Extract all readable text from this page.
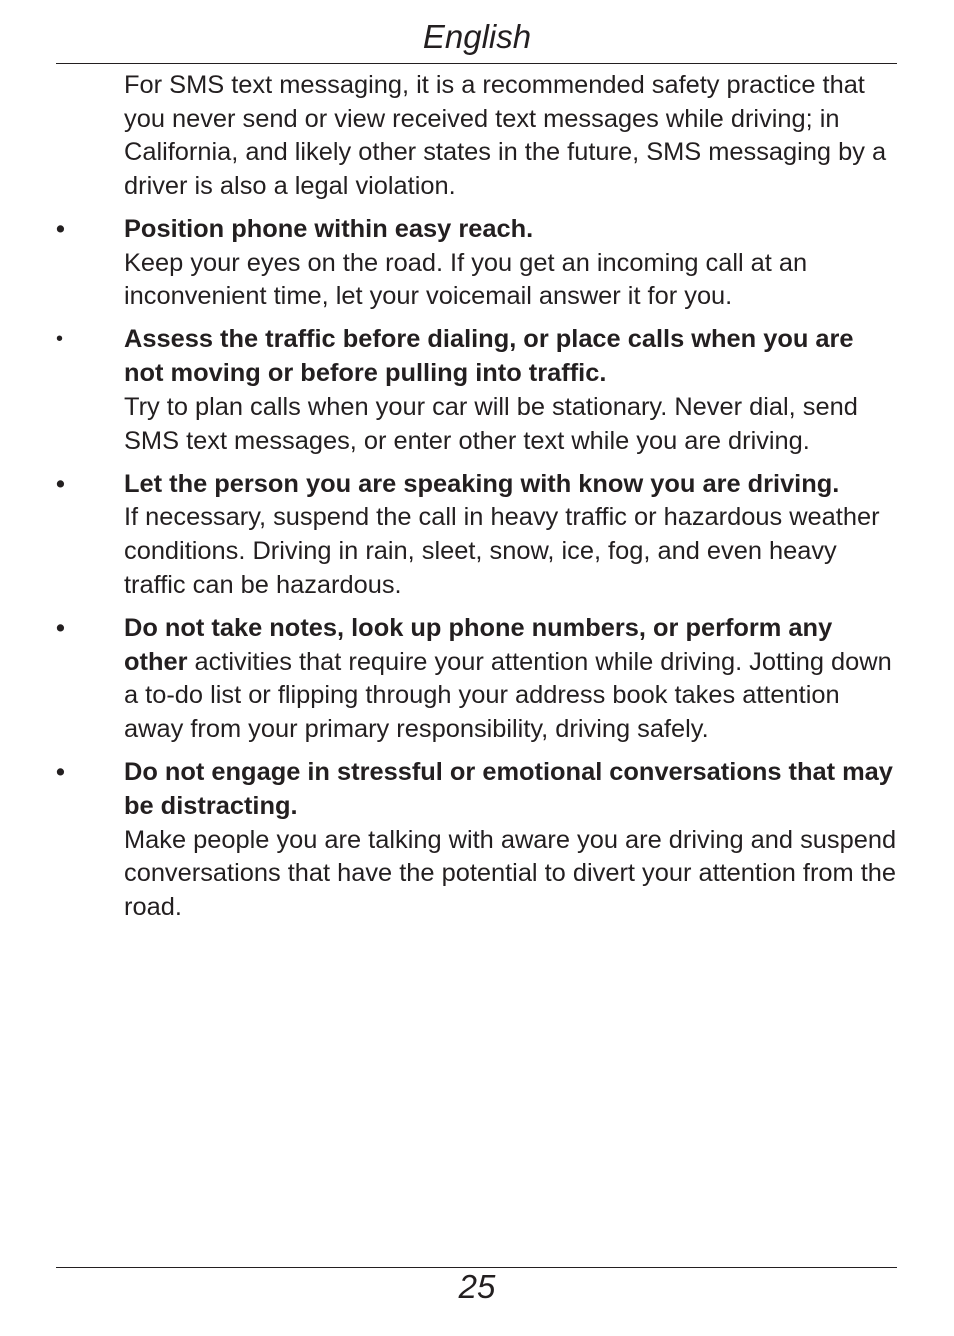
English

For SMS text messaging, it is a recommended safety practice that you never send or view received text messages while driving; in California, and likely other states in the future, SMS messaging by a driver is also a legal violation.

•	Position phone within easy reach.
Keep your eyes on the road. If you get an incoming call at an inconvenient time, let your voicemail answer it for you.
•	Assess the traffic before dialing, or place calls when you are not moving or before pulling into traffic.
Try to plan calls when your car will be stationary. Never dial, send SMS text messages, or enter other text while you are driving.
•	Let the person you are speaking with know you are driving.
If necessary, suspend the call in heavy traffic or hazardous weather conditions. Driving in rain, sleet, snow, ice, fog, and even heavy traffic can be hazardous.
•	Do not take notes, look up phone numbers, or perform any other activities that require your attention while driving. Jotting down a to-do list or flipping through your address book takes attention away from your primary responsibility, driving safely.
•	Do not engage in stressful or emotional conversations that may be distracting.
Make people you are talking with aware you are driving and suspend conversations that have the potential to divert your attention from the road.
25
